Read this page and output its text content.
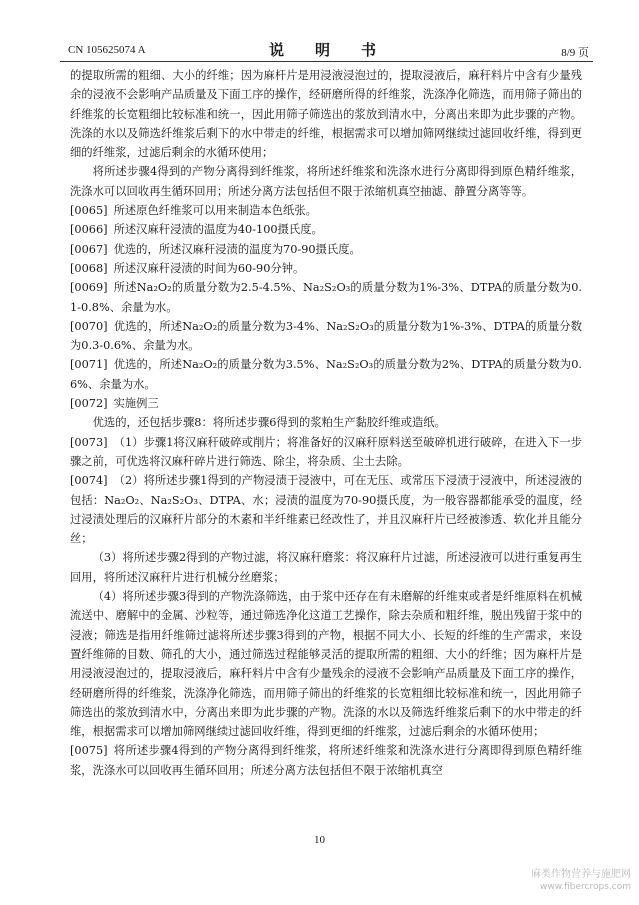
CN 105625074 A	说　明　书	8/9 页

的提取所需的粗细、大小的纤维；因为麻杆片是用浸液浸泡过的，提取浸液后，麻秆料片中含有少量残余的浸液不会影响产品质量及下面工序的操作，经研磨所得的纤维浆，洗涤净化筛选，而用筛子筛出的纤维浆的长宽粗细比较标准和统一，因此用筛子筛选出的浆放到清水中，分离出来即为此步骤的产物。洗涤的水以及筛选纤维浆后剩下的水中带走的纤维，根据需求可以增加筛网继续过滤回收纤维，得到更细的纤维浆，过滤后剩余的水循环使用；

将所述步骤4得到的产物分离得到纤维浆，将所述纤维浆和洗涤水进行分离即得到原色精纤维浆，洗涤水可以回收再生循环回用；所述分离方法包括但不限于浓缩机真空抽滤、静置分离等等。

[0065] 所述原色纤维浆可以用来制造本色纸张。

[0066] 所述汉麻秆浸渍的温度为40-100摄氏度。

[0067] 优选的，所述汉麻秆浸渍的温度为70-90摄氏度。

[0068] 所述汉麻秆浸渍的时间为60-90分钟。

[0069] 所述Na₂O₂的质量分数为2.5-4.5%、Na₂S₂O₃的质量分数为1%-3%、DTPA的质量分数为0.1-0.8%、余量为水。

[0070] 优选的，所述Na₂O₂的质量分数为3-4%、Na₂S₂O₃的质量分数为1%-3%、DTPA的质量分数为0.3-0.6%、余量为水。

[0071] 优选的，所述Na₂O₂的质量分数为3.5%、Na₂S₂O₃的质量分数为2%、DTPA的质量分数为0.6%、余量为水。

[0072] 实施例三

优选的，还包括步骤8：将所述步骤6得到的浆粕生产黏胶纤维或造纸。

[0073] （1）步骤1将汉麻秆破碎或削片；将准备好的汉麻秆原料送至破碎机进行破碎，在进入下一步骤之前，可优选将汉麻秆碎片进行筛选、除尘，将杂质、尘土去除。

[0074] （2）将所述步骤1得到的产物浸渍于浸液中，可在无压、或常压下浸渍于浸液中，所述浸液的包括：Na₂O₂、Na₂S₂O₃、DTPA、水；浸渍的温度为70-90摄氏度，为一般容器都能承受的温度，经过浸渍处理后的汉麻秆片部分的木素和半纤维素已经改性了，并且汉麻秆片已经被渗透、软化并且能分丝；

（3）将所述步骤2得到的产物过滤，将汉麻秆磨浆：将汉麻秆片过滤，所述浸液可以进行重复再生回用，将所述汉麻秆片进行机械分丝磨浆；

（4）将所述步骤3得到的产物洗涤筛选，由于浆中还存在有未磨解的纤维束或者是纤维原料在机械流送中、磨解中的金属、沙粒等，通过筛选净化这道工艺操作，除去杂质和粗纤维，脱出残留于浆中的浸液；筛选是指用纤维筛过滤将所述步骤3得到的产物，根据不同大小、长短的纤维的生产需求，来设置纤维筛的目数、筛孔的大小，通过筛选过程能够灵活的提取所需的粗细、大小的纤维；因为麻杆片是用浸液浸泡过的，提取浸液后，麻秆料片中含有少量残余的浸液不会影响产品质量及下面工序的操作，经研磨所得的纤维浆，洗涤净化筛选，而用筛子筛出的纤维浆的长宽粗细比较标准和统一，因此用筛子筛选出的浆放到清水中，分离出来即为此步骤的产物。洗涤的水以及筛选纤维浆后剩下的水中带走的纤维，根据需求可以增加筛网继续过滤回收纤维，得到更细的纤维浆，过滤后剩余的水循环使用；

[0075] 将所述步骤4得到的产物分离得到纤维浆，将所述纤维浆和洗涤水进行分离即得到原色精纤维浆，洗涤水可以回收再生循环回用；所述分离方法包括但不限于浓缩机真空

10
麻类作物营养与施肥网
www.fibercrops.com
